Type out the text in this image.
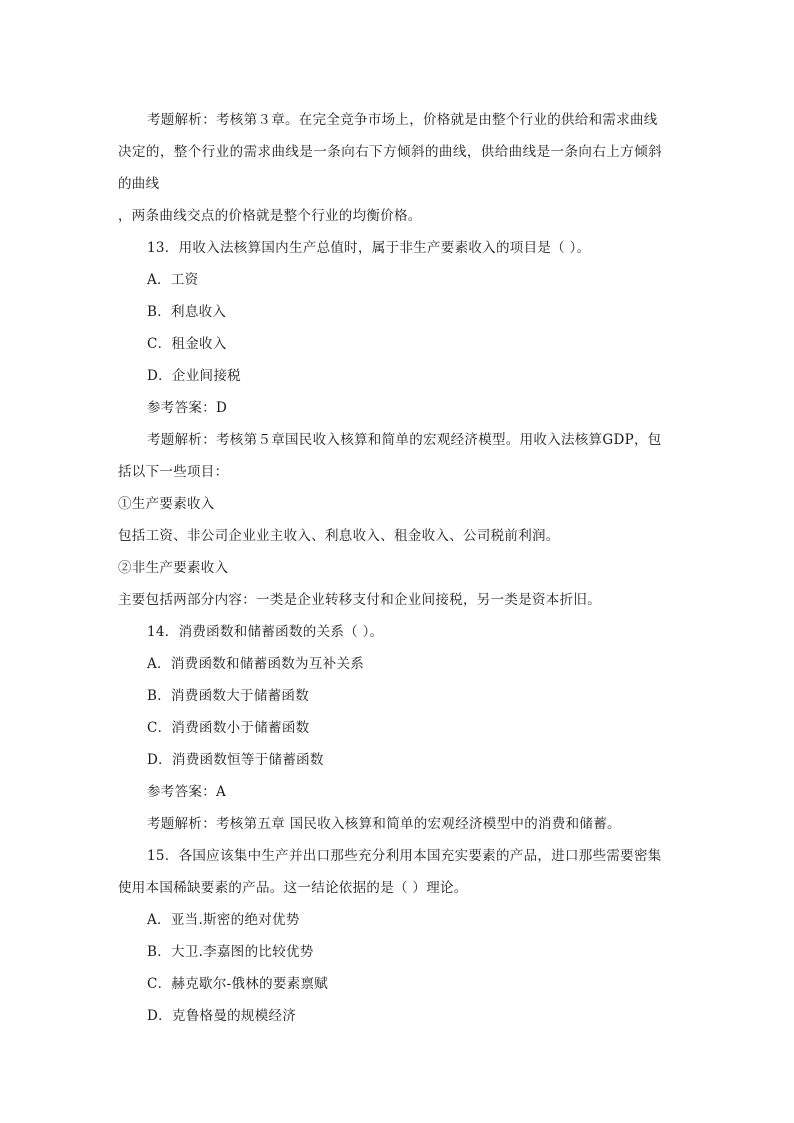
考题解析：考核第３章。在完全竞争市场上，价格就是由整个行业的供给和需求曲线
决定的，整个行业的需求曲线是一条向右下方倾斜的曲线，供给曲线是一条向右上方倾斜
的曲线
，两条曲线交点的价格就是整个行业的均衡价格。
13．用收入法核算国内生产总值时，属于非生产要素收入的项目是（ ）。
A．工资
B．利息收入
C．租金收入
D．企业间接税
参考答案：D
考题解析：考核第５章国民收入核算和简单的宏观经济模型。用收入法核算GDP，包
括以下一些项目：
①生产要素收入
包括工资、非公司企业业主收入、利息收入、租金收入、公司税前利润。
②非生产要素收入
主要包括两部分内容：一类是企业转移支付和企业间接税，另一类是资本折旧。
14．消费函数和储蓄函数的关系（ ）。
A．消费函数和储蓄函数为互补关系
B．消费函数大于储蓄函数
C．消费函数小于储蓄函数
D．消费函数恒等于储蓄函数
参考答案：A
考题解析：考核第五章 国民收入核算和简单的宏观经济模型中的消费和储蓄。
15．各国应该集中生产并出口那些充分利用本国充实要素的产品，进口那些需要密集
使用本国稀缺要素的产品。这一结论依据的是（ ）理论。
A．亚当.斯密的绝对优势
B．大卫.李嘉图的比较优势
C．赫克歇尔-俄林的要素禀赋
D．克鲁格曼的规模经济
